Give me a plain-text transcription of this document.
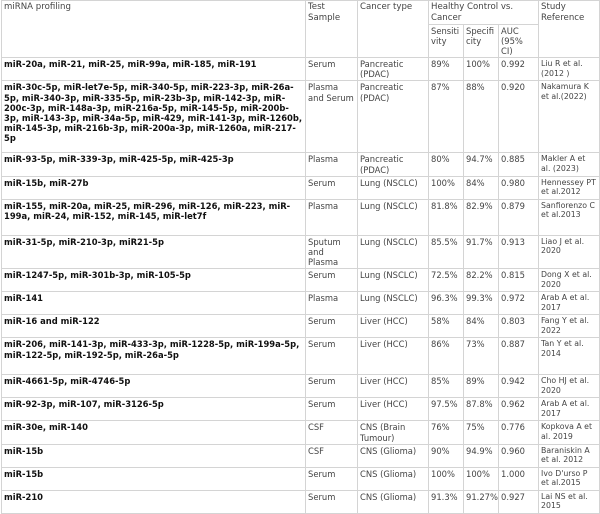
miRNA profiling	Test Sample	Cancer type	Healthy Control vs. Cancer			Study Reference
			Sensitivity	Specificity	AUC (95% CI)	
miR-20a, miR-21, miR-25, miR-99a, miR-185, miR-191	Serum	Pancreatic (PDAC)	89%	100%	0.992	Liu R et al. (2012 )
miR-30c-5p, miR-let7e-5p, miR-340-5p, miR-223-3p, miR-26a-5p, miR-340-3p, miR-335-5p, miR-23b-3p, miR-142-3p, miR-200c-3p, miR-148a-3p, miR-216a-5p, miR-145-5p, miR-200b-3p, miR-143-3p, miR-34a-5p, miR-429, miR-141-3p, miR-1260b, miR-145-3p, miR-216b-3p, miR-200a-3p, miR-1260a, miR-217-5p	Plasma and Serum	Pancreatic (PDAC)	87%	88%	0.920	Nakamura K et al.(2022)
miR-93-5p, miR-339-3p, miR-425-5p, miR-425-3p	Plasma	Pancreatic (PDAC)	80%	94.7%	0.885	Makler A et al. (2023)
miR-15b, miR-27b	Serum	Lung (NSCLC)	100%	84%	0.980	Hennessey PT et al.2012
miR-155, miR-20a, miR-25, miR-296, miR-126, miR-223, miR-199a, miR-24, miR-152, miR-145, miR-let7f	Plasma	Lung (NSCLC)	81.8%	82.9%	0.879	Sanfiorenzo C et al.2013
miR-31-5p, miR-210-3p, miR21-5p	Sputum and Plasma	Lung (NSCLC)	85.5%	91.7%	0.913	Liao J et al. 2020
miR-1247-5p, miR-301b-3p, miR-105-5p	Serum	Lung (NSCLC)	72.5%	82.2%	0.815	Dong X et al. 2020
miR-141	Plasma	Lung (NSCLC)	96.3%	99.3%	0.972	Arab A et al. 2017
miR-16 and miR-122	Serum	Liver (HCC)	58%	84%	0.803	Fang Y et al. 2022
miR-206, miR-141-3p, miR-433-3p, miR-1228-5p, miR-199a-5p, miR-122-5p, miR-192-5p, miR-26a-5p	Serum	Liver (HCC)	86%	73%	0.887	Tan Y et al. 2014
miR-4661-5p, miR-4746-5p	Serum	Liver (HCC)	85%	89%	0.942	Cho HJ et al. 2020
miR-92-3p, miR-107, miR-3126-5p	Serum	Liver (HCC)	97.5%	87.8%	0.962	Arab A et al. 2017
miR-30e, miR-140	CSF	CNS (Brain Tumour)	76%	75%	0.776	Kopkova A et al. 2019
miR-15b	CSF	CNS (Glioma)	90%	94.9%	0.960	Baraniskin A et al. 2012
miR-15b	Serum	CNS (Glioma)	100%	100%	1.000	Ivo D'urso P et al.2015
miR-210	Serum	CNS (Glioma)	91.3%	91.27%	0.927	Lai NS et al. 2015
